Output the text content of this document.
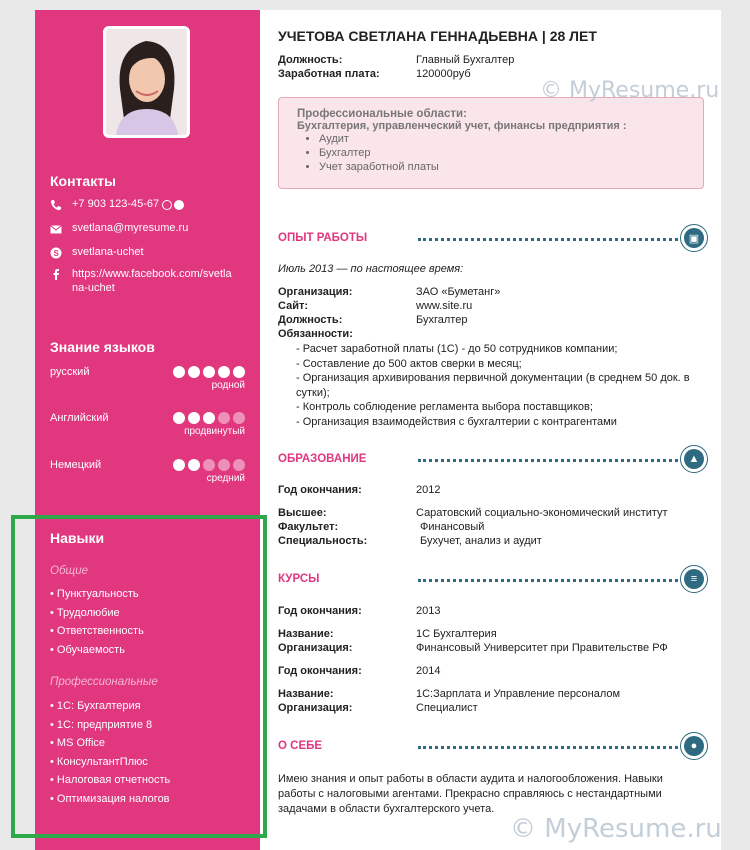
Контакты
+7 903 123-45-67
svetlana@myresume.ru
S svetlana-uchet
https://www.facebook.com/svetla na-uchet
Знание языков
русский
родной
Английский
продвинутый
Немецкий
средний
Навыки
Общие
• Пунктуальность
• Трудолюбие
• Ответственность
• Обучаемость
Профессиональные
• 1С: Бухгалтерия
• 1С: предприятие 8
• MS Office
• КонсультантПлюс
• Налоговая отчетность
• Оптимизация налогов
УЧЕТОВА СВЕТЛАНА ГЕННАДЬЕВНА | 28 ЛЕТ
Должность:	Главный Бухгалтер
Заработная плата:	120000руб
Профессиональные области:
Бухгалтерия, управленческий учет, финансы предприятия :
• Аудит
• Бухгалтер
• Учет заработной платы
ОПЫТ РАБОТЫ	▣
Июль 2013 — по настоящее время:
Организация:	ЗАО «Буметанг»
Сайт:	www.site.ru
Должность:	Бухгалтер
Обязанности:
- Расчет заработной платы (1С) - до 50 сотрудников компании;
- Составление до 500 актов сверки в месяц;
- Организация архивирования первичной документации (в среднем 50 док. в сутки);
- Контроль соблюдение регламента выбора поставщиков;
- Организация взаимодействия с бухгалтерии с контрагентами
ОБРАЗОВАНИЕ	▲
Год окончания:	2012
Высшее:	Саратовский социально-экономический институт
Факультет:	Финансовый
Специальность:	Бухучет, анализ и аудит
КУРСЫ	≡
Год окончания:	2013
Название:	1С Бухгалтерия
Организация:	Финансовый Университет при Правительстве РФ
Год окончания:	2014
Название:	1С:Зарплата и Управление персоналом
Организация:	Специалист
О СЕБЕ	●
Имею знания и опыт работы в области аудита и налогообложения. Навыки работы с налоговыми агентами. Прекрасно справляюсь с нестандартными задачами в области бухгалтерского учета.
© MyResume.ru
© MyResume.ru
